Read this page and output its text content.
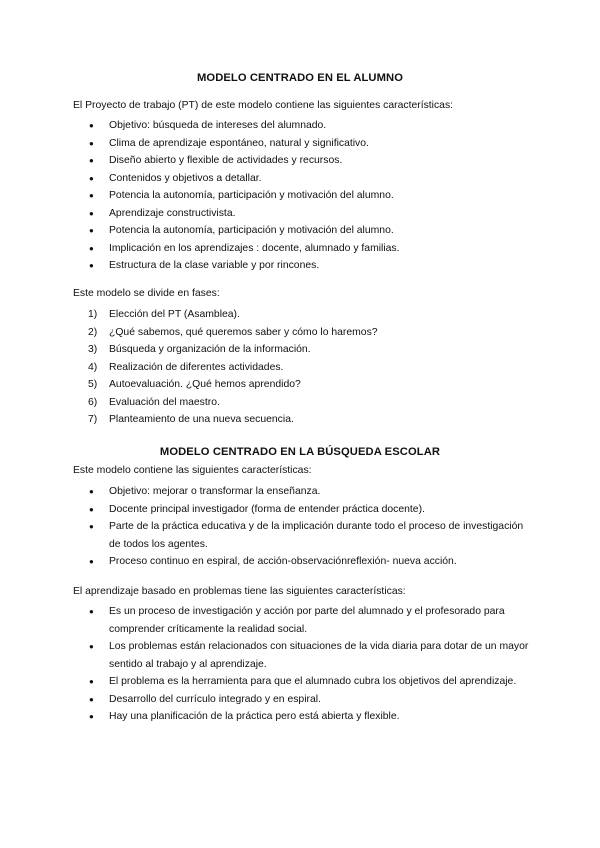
MODELO CENTRADO EN EL ALUMNO

El Proyecto de trabajo (PT) de este modelo contiene las siguientes características:

● Objetivo: búsqueda de intereses del alumnado.
● Clima de aprendizaje espontáneo, natural y significativo.
● Diseño abierto y flexible de actividades y recursos.
● Contenidos y objetivos a detallar.
● Potencia la autonomía, participación y motivación del alumno.
● Aprendizaje constructivista.
● Potencia la autonomía, participación y motivación del alumno.
● Implicación en los aprendizajes : docente, alumnado y familias.
● Estructura de la clase variable y por rincones.

Este modelo se divide en fases:

1) Elección del PT (Asamblea).
2) ¿Qué sabemos, qué queremos saber y cómo lo haremos?
3) Búsqueda y organización de la información.
4) Realización de diferentes actividades.
5) Autoevaluación. ¿Qué hemos aprendido?
6) Evaluación del maestro.
7) Planteamiento de una nueva secuencia.
MODELO CENTRADO EN LA BÚSQUEDA ESCOLAR

Este modelo contiene las siguientes características:

● Objetivo: mejorar o transformar la enseñanza.
● Docente principal investigador (forma de entender práctica docente).
● Parte de la práctica educativa y de la implicación durante todo el proceso de investigación de todos los agentes.
● Proceso continuo en espiral, de acción-observaciónreflexión- nueva acción.

El aprendizaje basado en problemas tiene las siguientes características:

● Es un proceso de investigación y acción por parte del alumnado y el profesorado para comprender críticamente la realidad social.
● Los problemas están relacionados con situaciones de la vida diaria para dotar de un mayor sentido al trabajo y al aprendizaje.
● El problema es la herramienta para que el alumnado cubra los objetivos del aprendizaje.
● Desarrollo del currículo integrado y en espiral.
● Hay una planificación de la práctica pero está abierta y flexible.
